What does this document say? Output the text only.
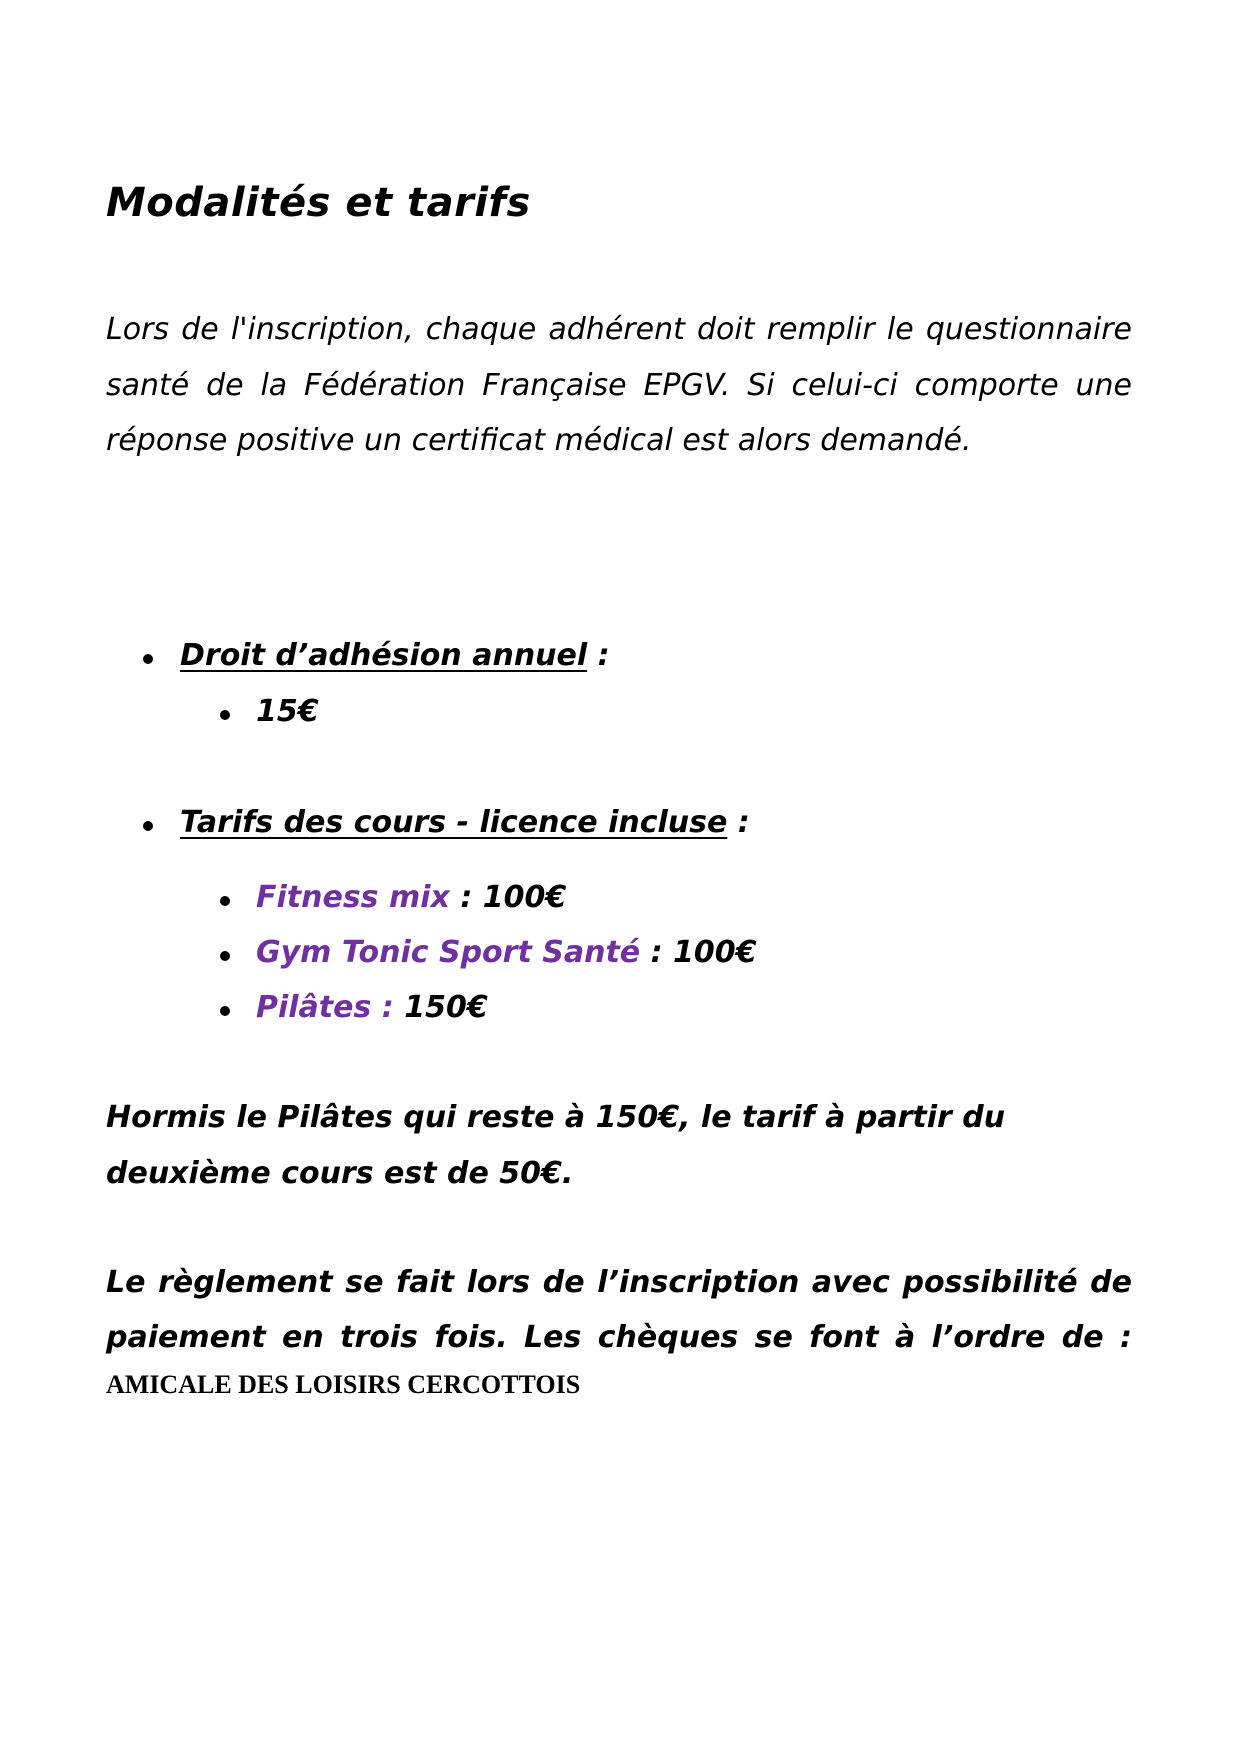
Modalités et tarifs

Lors de l'inscription, chaque adhérent doit remplir le questionnaire santé de la Fédération Française EPGV. Si celui-ci comporte une réponse positive un certificat médical est alors demandé.

Droit d’adhésion annuel :

15€

Tarifs des cours - licence incluse :

Fitness mix : 100€

Gym Tonic Sport Santé : 100€

Pilâtes : 150€

Hormis le Pilâtes qui reste à 150€, le tarif à partir du deuxième cours est de 50€.

Le règlement se fait lors de l’inscription avec possibilité de

paiement en trois fois. Les chèques se font à l’ordre de :

AMICALE DES LOISIRS CERCOTTOIS
